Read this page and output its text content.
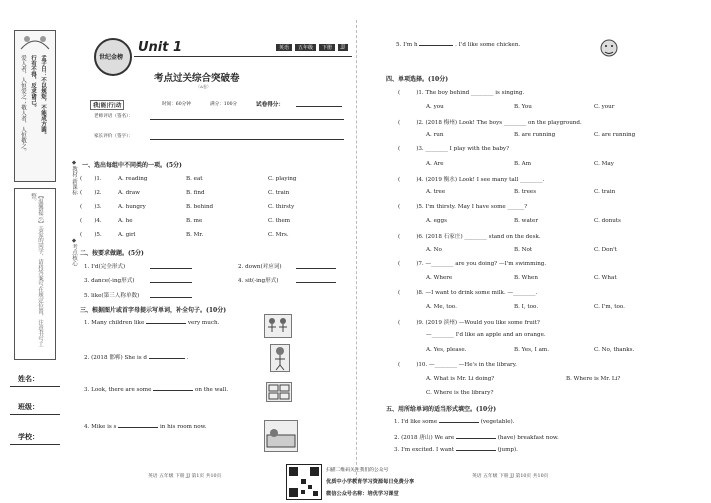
孟子日：不以规矩，不能成方圆。
行有不得，反求诸己。
爱人者，人恒爱之；敬人者，人恒敬之。
【温馨提示】亲爱的同学，请将答案写在规定位置，注意书写工整。
姓名：
班级：
学校：
◆教材·新课标
◆考点核心
世纪金榜
Unit 1
考点过关综合突破卷
（A卷）
英语	五年级	下册	JJ
我|能|行|动	时间：60分钟	满分：100分	试卷得分：
老师评语（签名）：
家长评价（签字）：
一、选出每组中不同类的一项。(5分)
( )1.	A. reading	B. eat	C. playing
( )2.	A. draw	B. find	C. train
( )3.	A. hungry	B. behind	C. thirsty
( )4.	A. he	B. me	C. them
( )5.	A. girl	B. Mr.	C. Mrs.
二、按要求做题。(5分)
1. I'd(完全形式)	2. down(对应词)
3. dance(-ing形式)	4. sit(-ing形式)
5. like(第三人称单数)
三、根据图片或首字母提示写单词，补全句子。(10分)
1. Many children like	very much.
2. (2018 邯郸) She is d	.
3. Look, there are some	on the wall.
4. Mike is s	in his room now.
5. I'm h	. I'd like some chicken.
四、单项选择。(10分)
(	)1. The boy behind ________ is singing.
A. you	B. You	C. your
(	)2. (2018 梅州) Look! The boys ________ on the playground.
A. run	B. are running	C. are running
(	)3. ________ I play with the baby?
A. Are	B. Am	C. May
(	)4. (2019 衡水) Look! I see many tall ________.
A. tree	B. trees	C. train
(	)5. I'm thirsty. May I have some ______?
A. eggs	B. water	C. donuts
(	)6. (2018 石家庄) ________ stand on the desk.
A. No	B. Not	C. Don't
(	)7. —________ are you doing? —I'm swimming.
A. Where	B. When	C. What
(	)8. —I want to drink some milk. —________.
A. Me, too.	B. I, too.	C. I'm, too.
(	)9. (2019 滨州) —Would you like some fruit?
—________ I'd like an apple and an orange.
A. Yes, please.	B. Yes, I am.	C. No, thanks.
(	)10. —________ —He's in the library.
A. What is Mr. Li doing?	B. Where is Mr. Li?
C. Where is the library?
五、用所给单词的适当形式填空。(10分)
1. I'd like some	(vegetable).
2. (2018 唐山) We are	(have) breakfast now.
3. I'm excited. I want	(jump).
英语 五年级 下册 JJ 第1页 共10页	英语 五年级 下册 JJ 第10页 共10页
扫描二维码关注我们的公众号
优质中小学教育学习资源每日免费分享
微信公众号名称：培优学习课堂
